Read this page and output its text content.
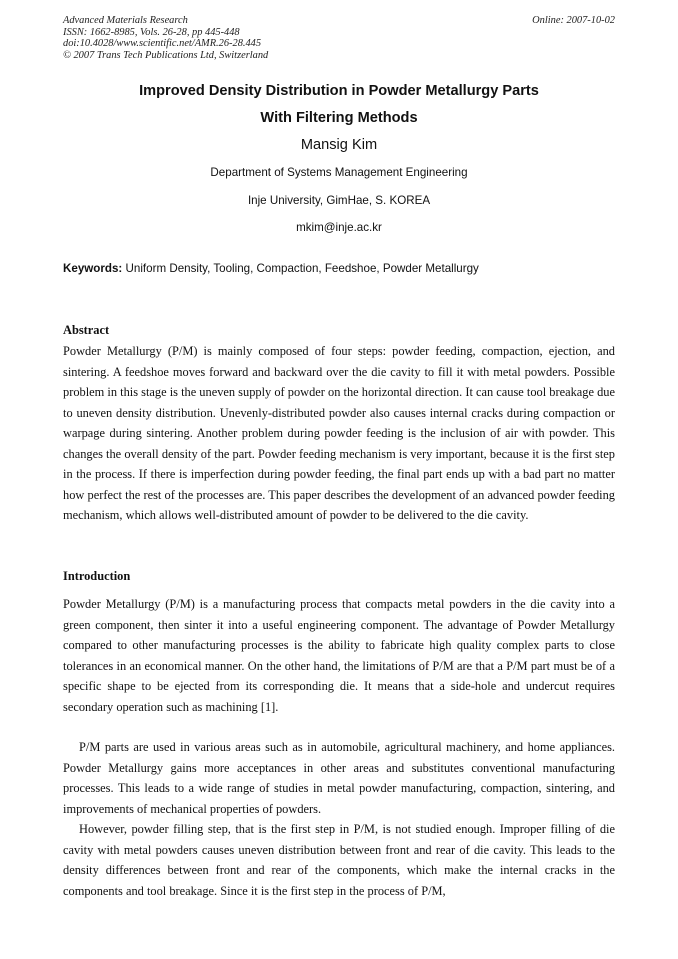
Advanced Materials Research
ISSN: 1662-8985, Vols. 26-28, pp 445-448
doi:10.4028/www.scientific.net/AMR.26-28.445
© 2007 Trans Tech Publications Ltd, Switzerland
Online: 2007-10-02
Improved Density Distribution in Powder Metallurgy Parts
With Filtering Methods
Mansig Kim
Department of Systems Management Engineering
Inje University, GimHae, S. KOREA
mkim@inje.ac.kr
Keywords: Uniform Density, Tooling, Compaction, Feedshoe, Powder Metallurgy
Abstract

Powder Metallurgy (P/M) is mainly composed of four steps: powder feeding, compaction, ejection, and sintering. A feedshoe moves forward and backward over the die cavity to fill it with metal powders. Possible problem in this stage is the uneven supply of powder on the horizontal direction. It can cause tool breakage due to uneven density distribution. Unevenly-distributed powder also causes internal cracks during compaction or warpage during sintering. Another problem during powder feeding is the inclusion of air with powder. This changes the overall density of the part. Powder feeding mechanism is very important, because it is the first step in the process. If there is imperfection during powder feeding, the final part ends up with a bad part no matter how perfect the rest of the processes are. This paper describes the development of an advanced powder feeding mechanism, which allows well-distributed amount of powder to be delivered to the die cavity.

Introduction

Powder Metallurgy (P/M) is a manufacturing process that compacts metal powders in the die cavity into a green component, then sinter it into a useful engineering component. The advantage of Powder Metallurgy compared to other manufacturing processes is the ability to fabricate high quality complex parts to close tolerances in an economical manner. On the other hand, the limitations of P/M are that a P/M part must be of a specific shape to be ejected from its corresponding die. It means that a side-hole and undercut requires secondary operation such as machining [1].

P/M parts are used in various areas such as in automobile, agricultural machinery, and home appliances. Powder Metallurgy gains more acceptances in other areas and substitutes conventional manufacturing processes. This leads to a wide range of studies in metal powder manufacturing, compaction, sintering, and improvements of mechanical properties of powders.

However, powder filling step, that is the first step in P/M, is not studied enough. Improper filling of die cavity with metal powders causes uneven distribution between front and rear of die cavity. This leads to the density differences between front and rear of the components, which make the internal cracks in the components and tool breakage. Since it is the first step in the process of P/M,
